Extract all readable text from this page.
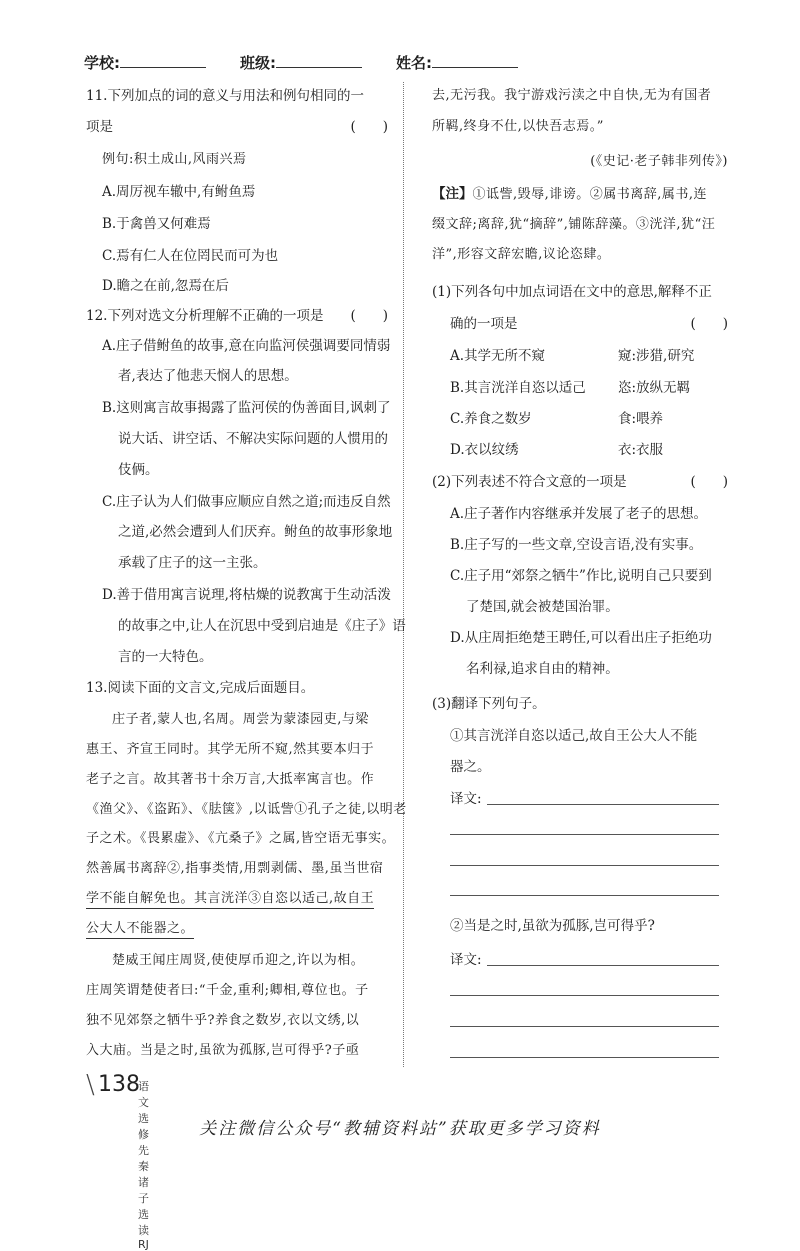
学校:	班级:	姓名:
11.下列加点的词的意义与用法和例句相同的一
项是	(　　)
例句:积土成山,风雨兴焉
A.周厉视车辙中,有鲋鱼焉
B.于禽兽又何难焉
C.焉有仁人在位罔民而可为也
D.瞻之在前,忽焉在后
12.下列对选文分析理解不正确的一项是 (　　)
A.庄子借鲋鱼的故事,意在向监河侯强调要同情弱
者,表达了他悲天悯人的思想。
B.这则寓言故事揭露了监河侯的伪善面目,讽刺了
说大话、讲空话、不解决实际问题的人惯用的
伎俩。
C.庄子认为人们做事应顺应自然之道;而违反自然
之道,必然会遭到人们厌弃。鲋鱼的故事形象地
承载了庄子的这一主张。
D.善于借用寓言说理,将枯燥的说教寓于生动活泼
的故事之中,让人在沉思中受到启迪是《庄子》语
言的一大特色。
13.阅读下面的文言文,完成后面题目。
庄子者,蒙人也,名周。周尝为蒙漆园吏,与梁
惠王、齐宣王同时。其学无所不窥,然其要本归于
老子之言。故其著书十余万言,大抵率寓言也。作
《渔父》、《盗跖》、《胠箧》,以诋訾①孔子之徒,以明老
子之术。《畏累虚》、《亢桑子》之属,皆空语无事实。
然善属书离辞②,指事类情,用剽剥儒、墨,虽当世宿
学不能自解免也。其言洸洋③自恣以适己,故自王
公大人不能器之。
楚威王闻庄周贤,使使厚币迎之,许以为相。
庄周笑谓楚使者曰:“千金,重利;卿相,尊位也。子
独不见郊祭之牺牛乎?养食之数岁,衣以文绣,以
入大庙。当是之时,虽欲为孤豚,岂可得乎?子亟
去,无污我。我宁游戏污渎之中自快,无为有国者
所羁,终身不仕,以快吾志焉。”
(《史记·老子韩非列传》)
【注】①诋訾,毁辱,诽谤。②属书离辞,属书,连
缀文辞;离辞,犹“摘辞”,铺陈辞藻。③洸洋,犹“汪
洋”,形容文辞宏瞻,议论恣肆。
(1)下列各句中加点词语在文中的意思,解释不正
确的一项是	(　　)
A.其学无所不窥	窥:涉猎,研究
B.其言洸洋自恣以适己 恣:放纵无羁
C.养食之数岁	食:喂养
D.衣以纹绣	衣:衣服
(2)下列表述不符合文意的一项是	(　　)
A.庄子著作内容继承并发展了老子的思想。
B.庄子写的一些文章,空设言语,没有实事。
C.庄子用“郊祭之牺牛”作比,说明自己只要到
了楚国,就会被楚国治罪。
D.从庄周拒绝楚王聘任,可以看出庄子拒绝功
名利禄,追求自由的精神。
(3)翻译下列句子。
①其言洸洋自恣以适己,故自王公大人不能
器之。
译文:
②当是之时,虽欲为孤豚,岂可得乎?
译文:
\ 138
语文选修 先秦诸子选读 RJ
关注微信公众号“教辅资料站”获取更多学习资料
